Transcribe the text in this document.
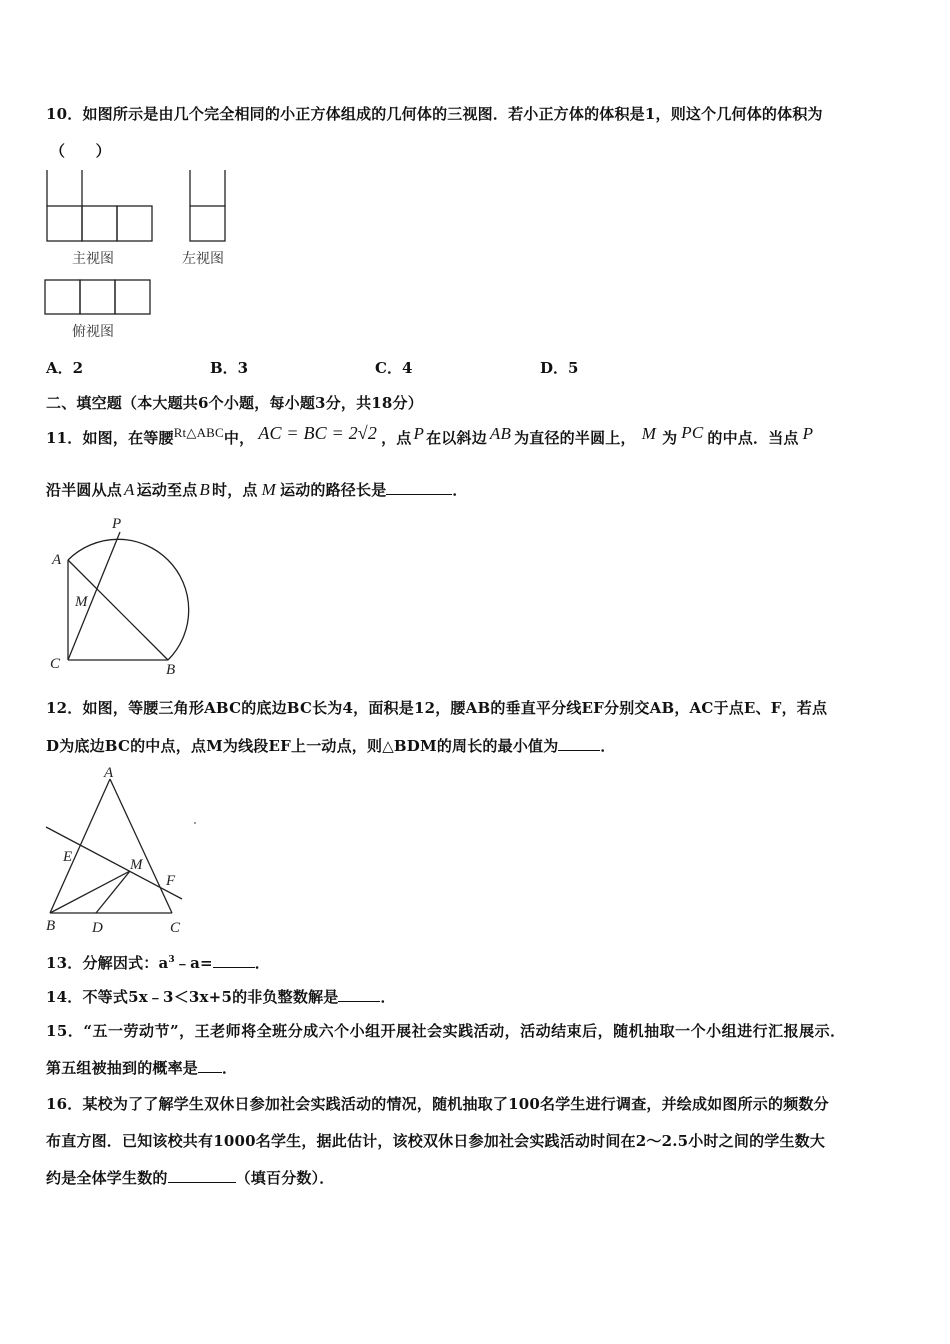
10．如图所示是由几个完全相同的小正方体组成的几何体的三视图．若小正方体的体积是1，则这个几何体的体积为
（　　）
主视图	左视图
俯视图
A．2	B．3	C．4	D．5
二、填空题（本大题共6个小题，每小题3分，共18分）
11．如图，在等腰Rt△ABC中， AC = BC = 2√2 ，点 P 在以斜边 AB 为直径的半圆上， M 为 PC 的中点．当点 P
沿半圆从点 A 运动至点 B 时，点 M 运动的路径长是	．
A
P
M
C	B
12．如图，等腰三角形ABC的底边BC长为4，面积是12，腰AB的垂直平分线EF分别交AB，AC于点E、F，若点
D为底边BC的中点，点M为线段EF上一动点，则△BDM的周长的最小值为	．
A
E	M
F
B D	C
13．分解因式：$a^3﹣a=$	．
14．不等式5x﹣3＜3x+5的非负整数解是	．
15．“五一劳动节”，王老师将全班分成六个小组开展社会实践活动，活动结束后，随机抽取一个小组进行汇报展示．
第五组被抽到的概率是 ．
16．某校为了了解学生双休日参加社会实践活动的情况，随机抽取了100名学生进行调查，并绘成如图所示的频数分
布直方图．已知该校共有1000名学生，据此估计，该校双休日参加社会实践活动时间在2～2.5小时之间的学生数大
约是全体学生数的	（填百分数）．
